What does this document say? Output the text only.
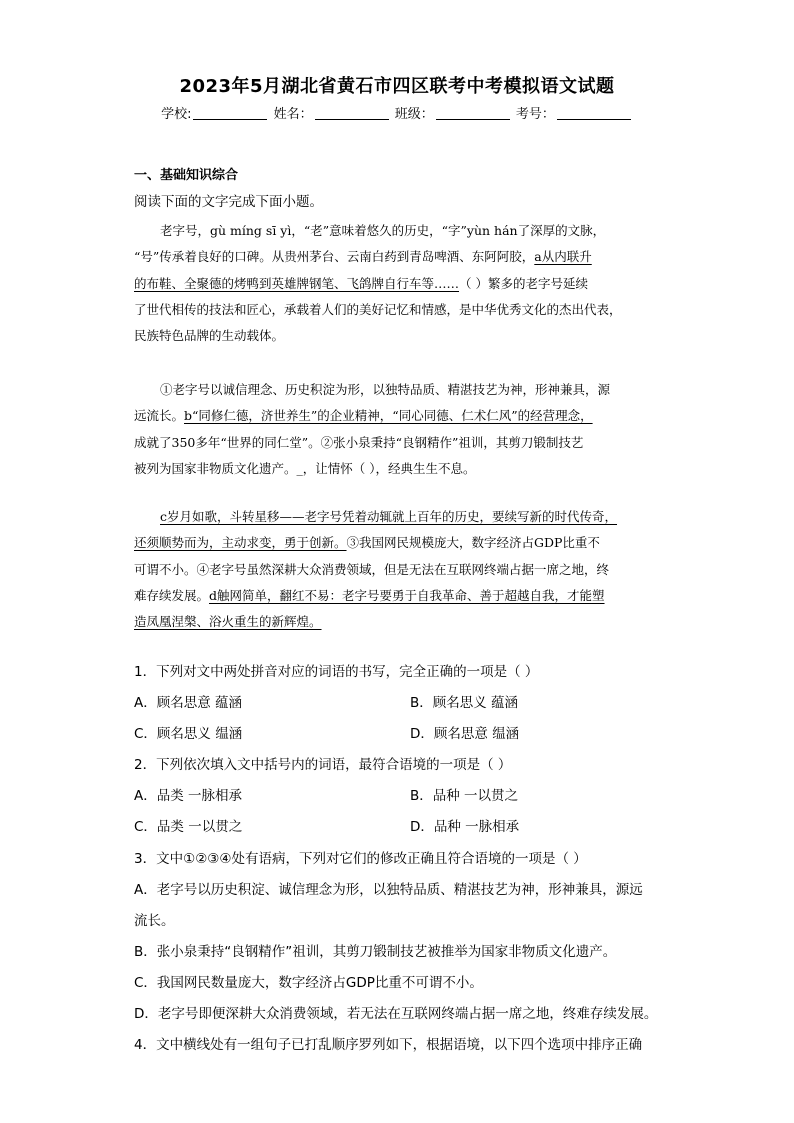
2023年5月湖北省黄石市四区联考中考模拟语文试题
学校:	姓名：	班级：	考号：
一、基础知识综合
阅读下面的文字完成下面小题。
老字号，gù míng sī yì，“老”意味着悠久的历史，“字”yùn hán了深厚的文脉，
“号”传承着良好的口碑。从贵州茅台、云南白药到青岛啤酒、东阿阿胶，a从内联升
的布鞋、全聚德的烤鸭到英雄牌钢笔、飞鸽牌自行车等……（ ）繁多的老字号延续
了世代相传的技法和匠心，承载着人们的美好记忆和情感，是中华优秀文化的杰出代表，
民族特色品牌的生动载体。
①老字号以诚信理念、历史积淀为形，以独特品质、精湛技艺为神，形神兼具，源
远流长。b“同修仁德，济世养生”的企业精神，“同心同德、仁术仁风”的经营理念，
成就了350多年“世界的同仁堂”。②张小泉秉持“良钢精作”祖训，其剪刀锻制技艺
被列为国家非物质文化遗产。_，让情怀（ ），经典生生不息。
c岁月如歌，斗转星移——老字号凭着动辄就上百年的历史，要续写新的时代传奇，
还须顺势而为，主动求变，勇于创新。③我国网民规模庞大，数字经济占GDP比重不
可谓不小。④老字号虽然深耕大众消费领域，但是无法在互联网终端占据一席之地，终
难存续发展。d触网简单，翻红不易：老字号要勇于自我革命、善于超越自我，才能塑
造凤凰涅槃、浴火重生的新辉煌。
1．下列对文中两处拼音对应的词语的书写，完全正确的一项是（ ）
A．顾名思意 蕴涵	B．顾名思义 蕴涵
C．顾名思义 缊涵	D．顾名思意 缊涵
2．下列依次填入文中括号内的词语，最符合语境的一项是（ ）
A．品类 一脉相承	B．品种 一以贯之
C．品类 一以贯之	D．品种 一脉相承
3．文中①②③④处有语病，下列对它们的修改正确且符合语境的一项是（ ）
A．老字号以历史积淀、诚信理念为形，以独特品质、精湛技艺为神，形神兼具，源远
流长。
B．张小泉秉持“良钢精作”祖训，其剪刀锻制技艺被推举为国家非物质文化遗产。
C．我国网民数量庞大，数字经济占GDP比重不可谓不小。
D．老字号即便深耕大众消费领域，若无法在互联网终端占据一席之地，终难存续发展。
4．文中横线处有一组句子已打乱顺序罗列如下，根据语境，以下四个选项中排序正确
